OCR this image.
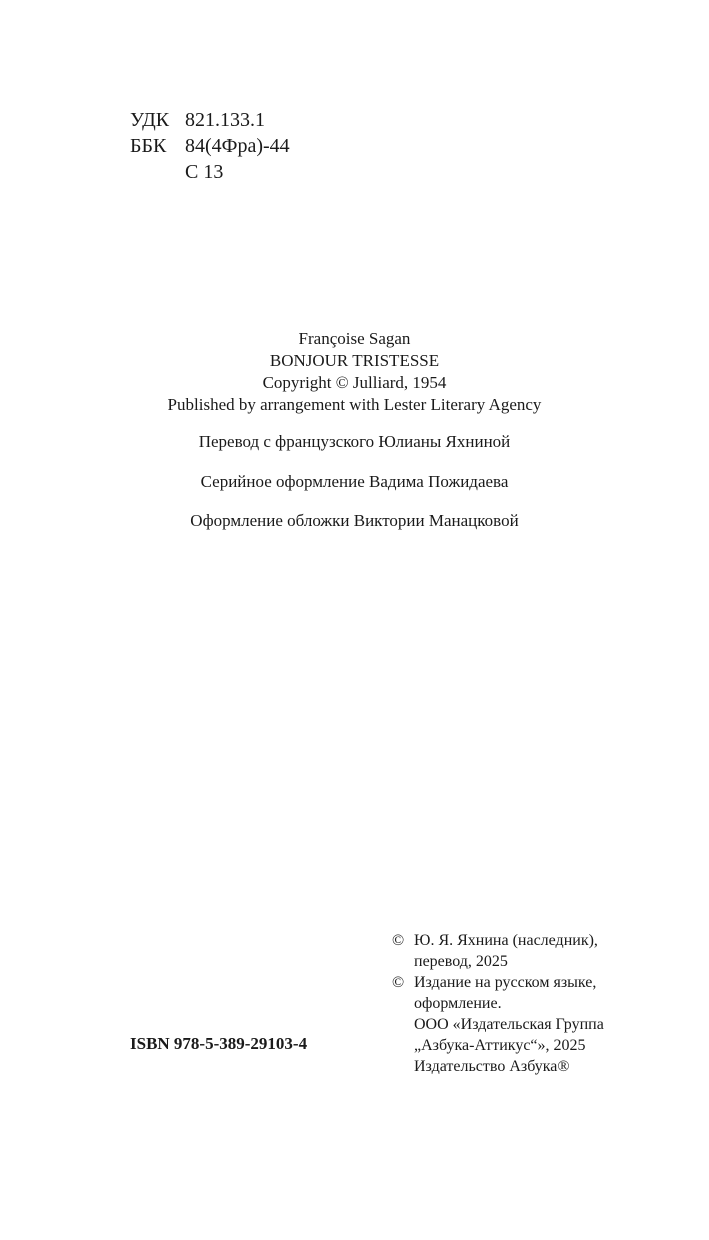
УДК 821.133.1
ББК 84(4Фра)-44
С 13
Françoise Sagan
BONJOUR TRISTESSE
Copyright © Julliard, 1954
Published by arrangement with Lester Literary Agency
Перевод с французского Юлианы Яхниной
Серийное оформление Вадима Пожидаева
Оформление обложки Виктории Манацковой
ISBN 978-5-389-29103-4
© Ю. Я. Яхнина (наследник),
перевод, 2025
© Издание на русском языке,
оформление.
ООО «Издательская Группа
„Азбука-Аттикус“», 2025
Издательство Азбука®
